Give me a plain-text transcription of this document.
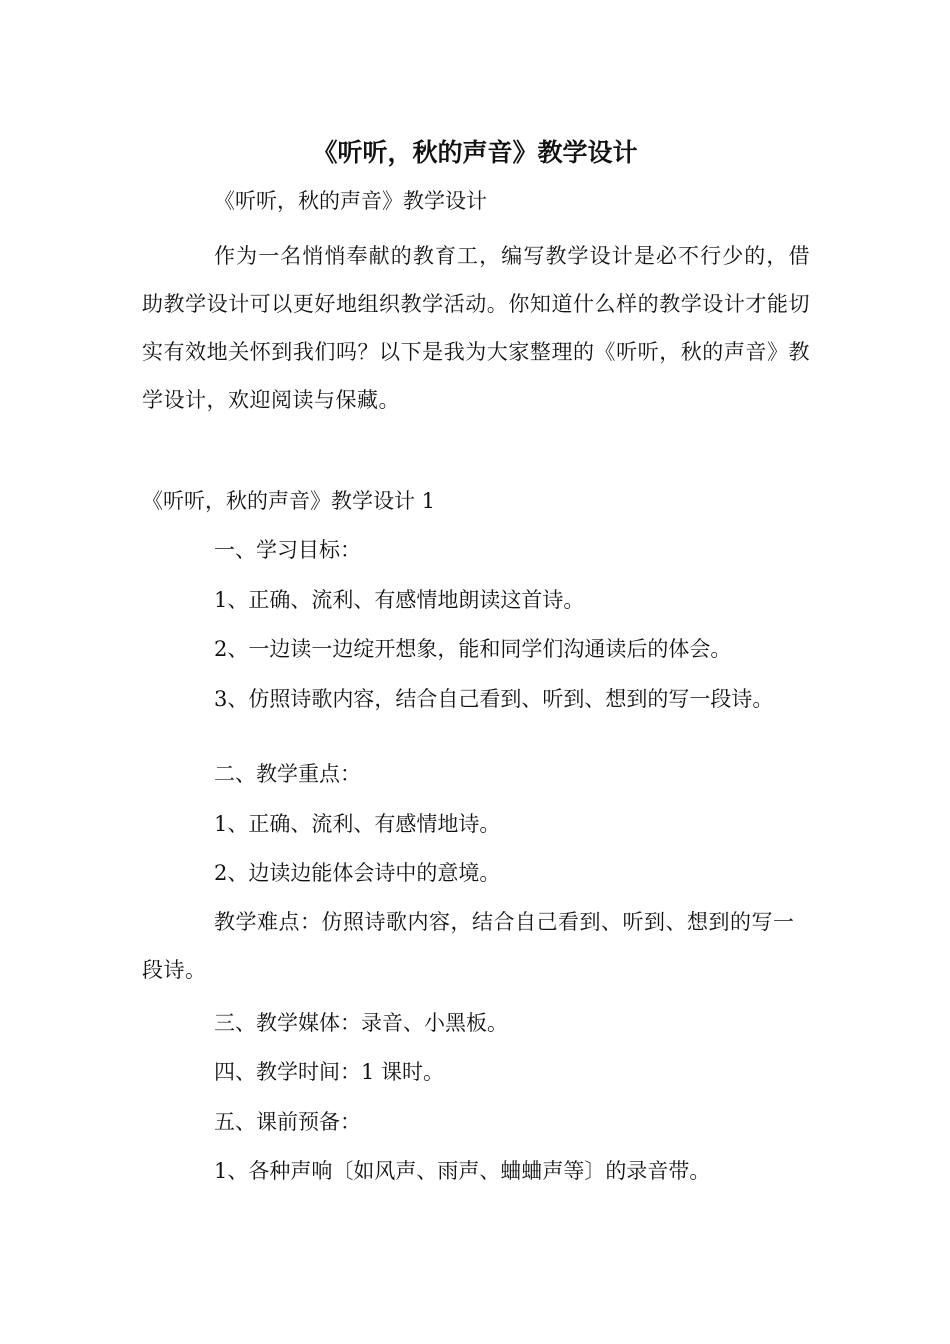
《听听，秋的声音》教学设计
《听听，秋的声音》教学设计
作为一名悄悄奉献的教育工，编写教学设计是必不行少的，借助教学设计可以更好地组织教学活动。你知道什么样的教学设计才能切实有效地关怀到我们吗？以下是我为大家整理的《听听，秋的声音》教学设计，欢迎阅读与保藏。
《听听，秋的声音》教学设计 1
一、学习目标：
1、正确、流利、有感情地朗读这首诗。
2、一边读一边绽开想象，能和同学们沟通读后的体会。
3、仿照诗歌内容，结合自己看到、听到、想到的写一段诗。
二、教学重点：
1、正确、流利、有感情地诗。
2、边读边能体会诗中的意境。
教学难点：仿照诗歌内容，结合自己看到、听到、想到的写一段诗。
三、教学媒体：录音、小黑板。
四、教学时间：1 课时。
五、课前预备：
1、各种声响〔如风声、雨声、蛐蛐声等〕的录音带。
